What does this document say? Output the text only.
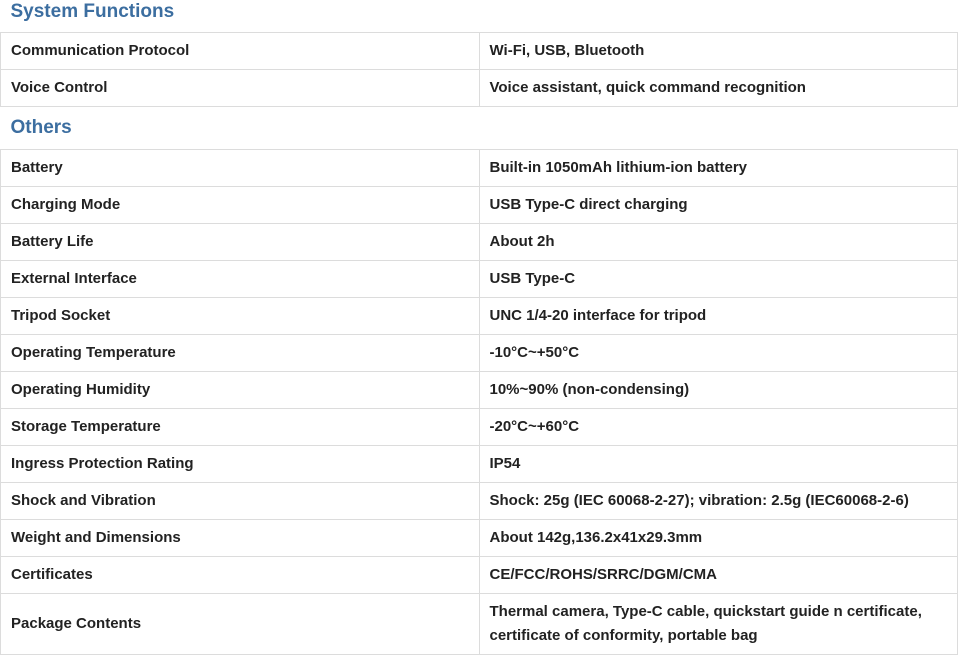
System Functions	
Communication Protocol	Wi-Fi, USB, Bluetooth
Voice Control	Voice assistant, quick command recognition
Others	
Battery	Built-in 1050mAh lithium-ion battery
Charging Mode	USB Type-C direct charging
Battery Life	About 2h
External Interface	USB Type-C
Tripod Socket	UNC 1/4-20 interface for tripod
Operating Temperature	-10°C~+50°C
Operating Humidity	10%~90% (non-condensing)
Storage Temperature	-20°C~+60°C
Ingress Protection Rating	IP54
Shock and Vibration	Shock: 25g (IEC 60068-2-27); vibration: 2.5g (IEC60068-2-6)
Weight and Dimensions	About 142g,136.2x41x29.3mm
Certificates	CE/FCC/ROHS/SRRC/DGM/CMA
Package Contents	Thermal camera, Type-C cable, quickstart guide n certificate, certificate of conformity, portable bag
